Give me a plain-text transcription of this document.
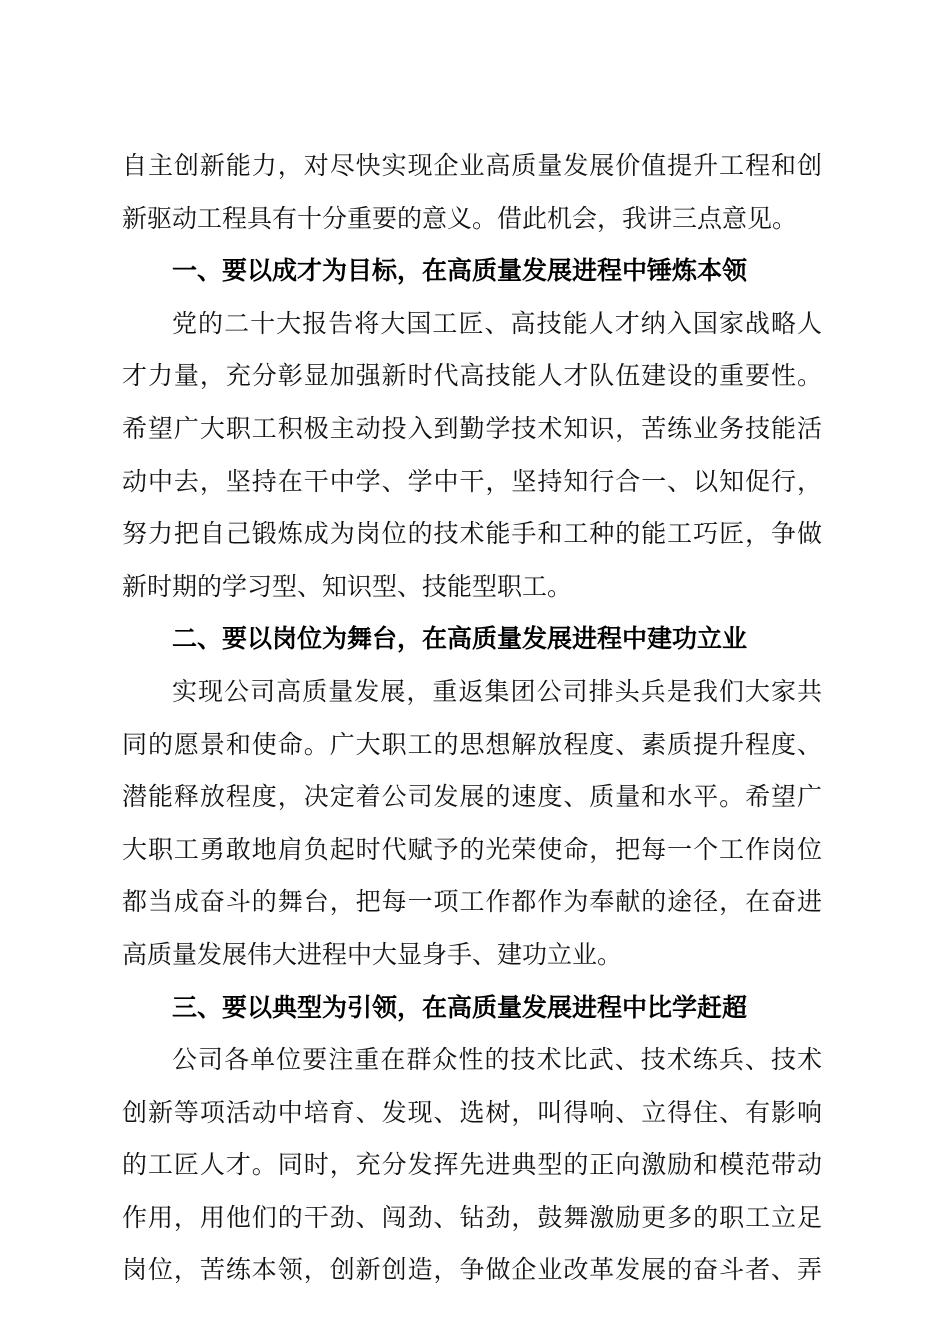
自主创新能力，对尽快实现企业高质量发展价值提升工程和创
新驱动工程具有十分重要的意义。借此机会，我讲三点意见。
一、要以成才为目标，在高质量发展进程中锤炼本领
党的二十大报告将大国工匠、高技能人才纳入国家战略人
才力量，充分彰显加强新时代高技能人才队伍建设的重要性。
希望广大职工积极主动投入到勤学技术知识，苦练业务技能活
动中去，坚持在干中学、学中干，坚持知行合一、以知促行，
努力把自己锻炼成为岗位的技术能手和工种的能工巧匠，争做
新时期的学习型、知识型、技能型职工。
二、要以岗位为舞台，在高质量发展进程中建功立业
实现公司高质量发展，重返集团公司排头兵是我们大家共
同的愿景和使命。广大职工的思想解放程度、素质提升程度、
潜能释放程度，决定着公司发展的速度、质量和水平。希望广
大职工勇敢地肩负起时代赋予的光荣使命，把每一个工作岗位
都当成奋斗的舞台，把每一项工作都作为奉献的途径，在奋进
高质量发展伟大进程中大显身手、建功立业。
三、要以典型为引领，在高质量发展进程中比学赶超
公司各单位要注重在群众性的技术比武、技术练兵、技术
创新等项活动中培育、发现、选树，叫得响、立得住、有影响
的工匠人才。同时，充分发挥先进典型的正向激励和模范带动
作用，用他们的干劲、闯劲、钻劲，鼓舞激励更多的职工立足
岗位，苦练本领，创新创造，争做企业改革发展的奋斗者、弄
